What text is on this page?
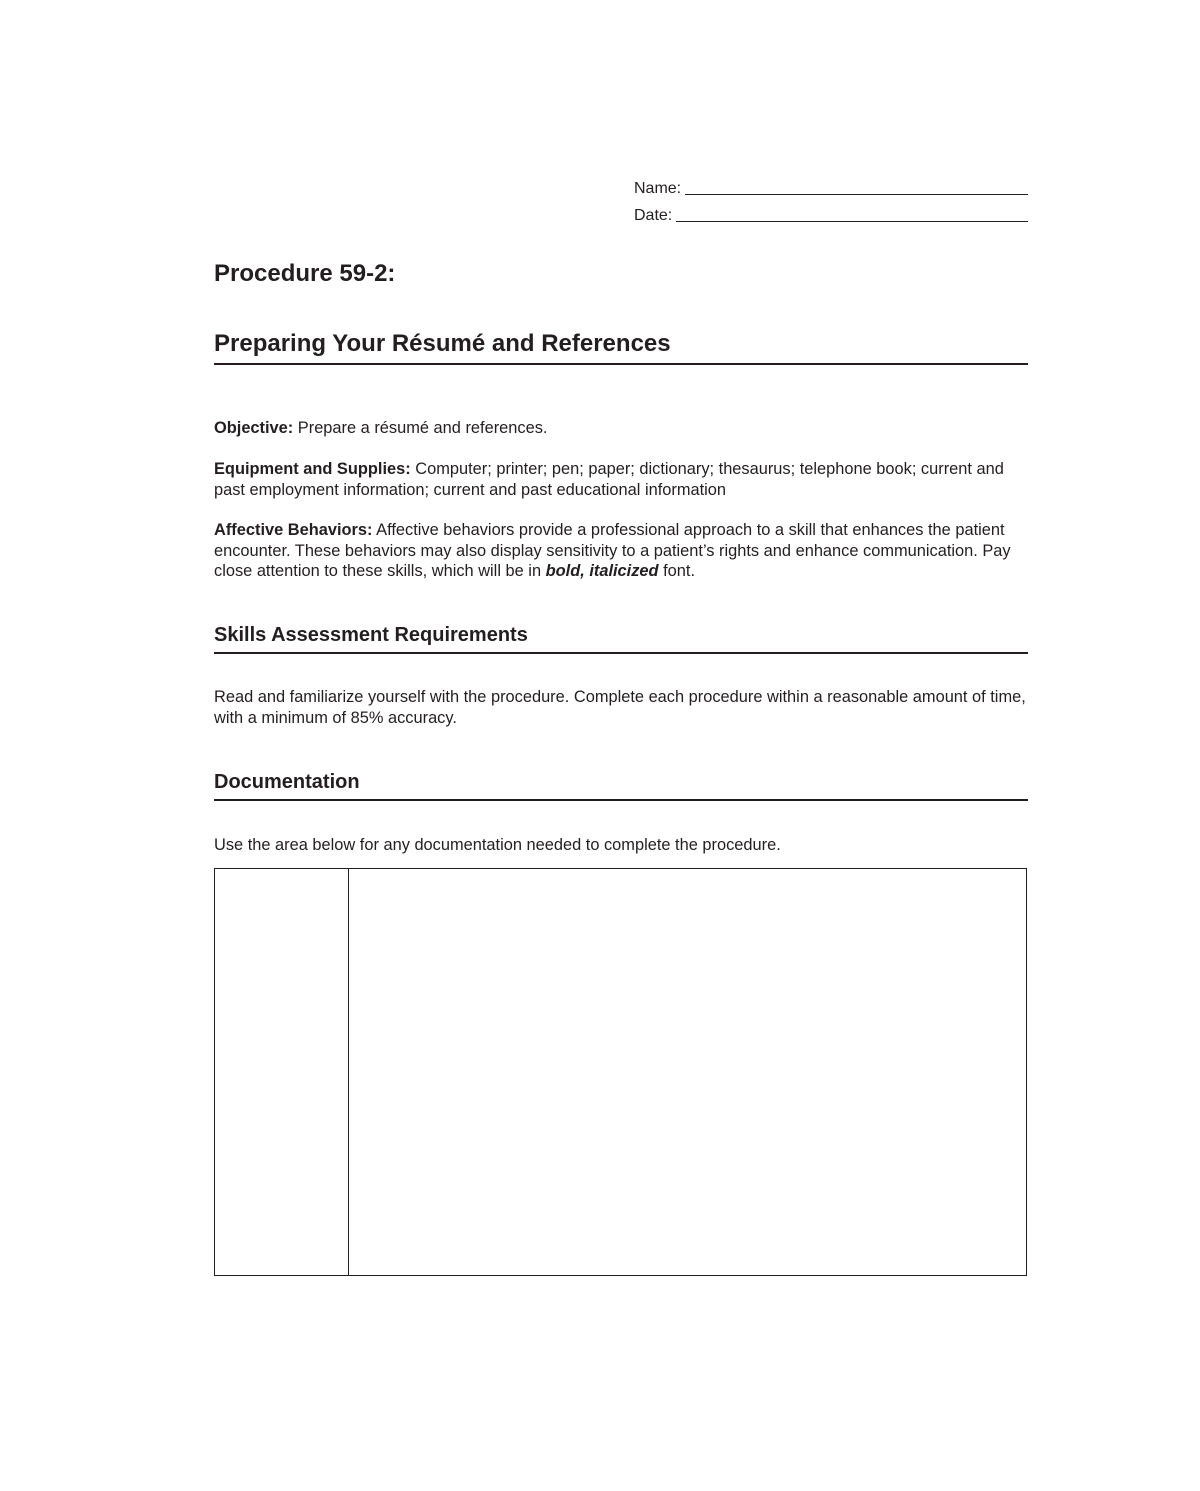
Name:
Date:
Procedure 59-2:
Preparing Your Résumé and References

Objective: Prepare a résumé and references.

Equipment and Supplies: Computer; printer; pen; paper; dictionary; thesaurus; telephone book; current and past employment information; current and past educational information

Affective Behaviors: Affective behaviors provide a professional approach to a skill that enhances the patient encounter. These behaviors may also display sensitivity to a patient’s rights and enhance communication. Pay close attention to these skills, which will be in bold, italicized font.

Skills Assessment Requirements

Read and familiarize yourself with the procedure. Complete each procedure within a reasonable amount of time, with a minimum of 85% accuracy.

Documentation

Use the area below for any documentation needed to complete the procedure.
